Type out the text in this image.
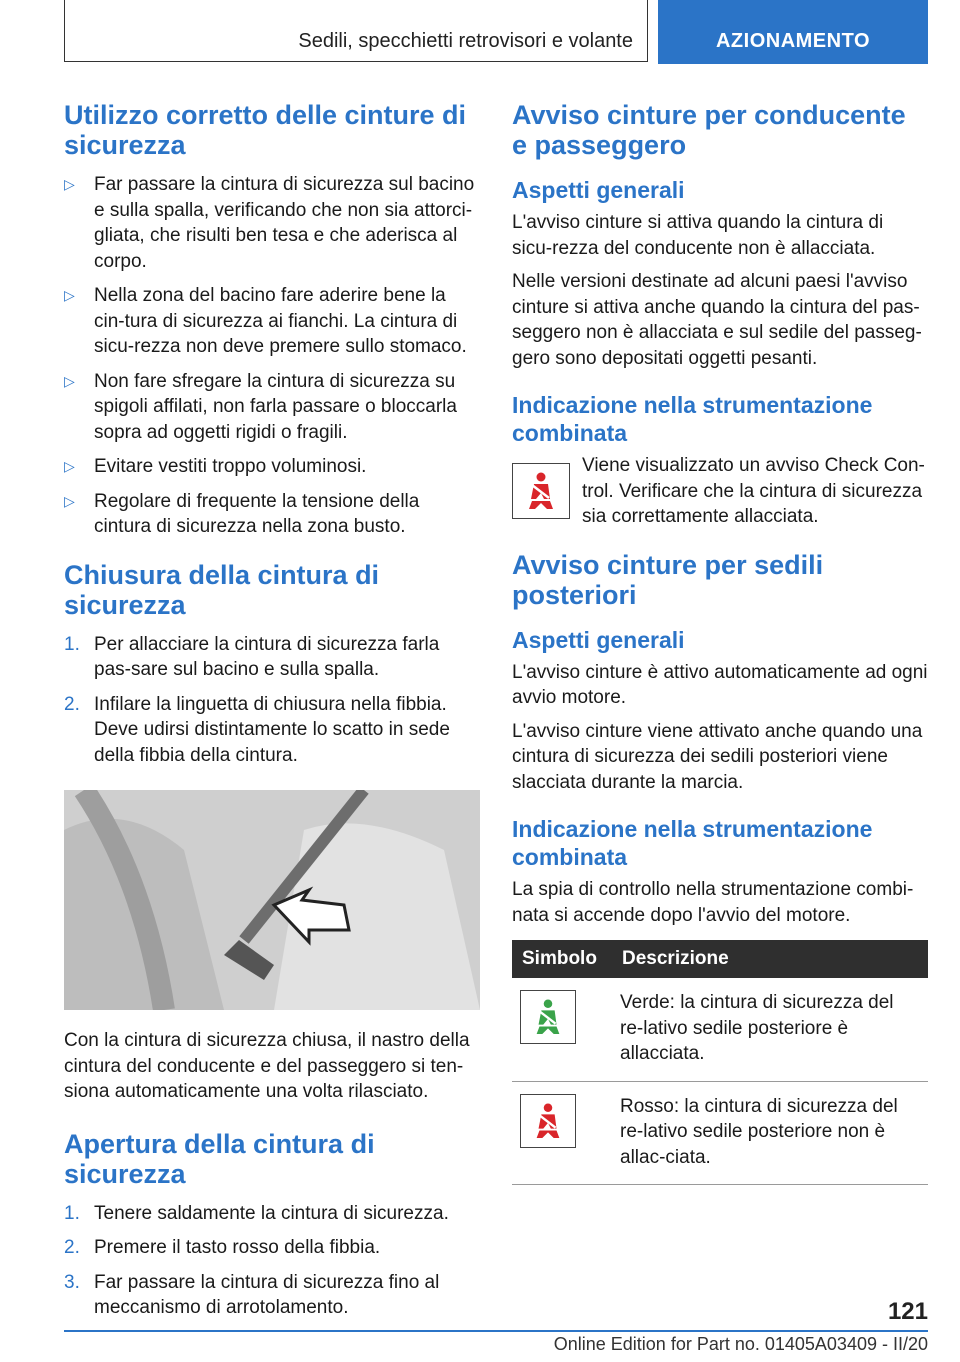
Sedili, specchietti retrovisori e volante	AZIONAMENTO
Utilizzo corretto delle cinture di sicurezza
▷ Far passare la cintura di sicurezza sul bacino e sulla spalla, verificando che non sia attorci-gliata, che risulti ben tesa e che aderisca al corpo.
▷ Nella zona del bacino fare aderire bene la cin-tura di sicurezza ai fianchi. La cintura di sicu-rezza non deve premere sullo stomaco.
▷ Non fare sfregare la cintura di sicurezza su spigoli affilati, non farla passare o bloccarla sopra ad oggetti rigidi o fragili.
▷ Evitare vestiti troppo voluminosi.
▷ Regolare di frequente la tensione della cintura di sicurezza nella zona busto.
Chiusura della cintura di sicurezza
1. Per allacciare la cintura di sicurezza farla pas-sare sul bacino e sulla spalla.
2. Infilare la linguetta di chiusura nella fibbia. Deve udirsi distintamente lo scatto in sede della fibbia della cintura.

Con la cintura di sicurezza chiusa, il nastro della cintura del conducente e del passeggero si ten-siona automaticamente una volta rilasciato.

Apertura della cintura di sicurezza
1. Tenere saldamente la cintura di sicurezza.
2. Premere il tasto rosso della fibbia.
3. Far passare la cintura di sicurezza fino al meccanismo di arrotolamento.
Avviso cinture per conducente e passeggero
Aspetti generali

L'avviso cinture si attiva quando la cintura di sicu-rezza del conducente non è allacciata.

Nelle versioni destinate ad alcuni paesi l'avviso cinture si attiva anche quando la cintura del pas-seggero non è allacciata e sul sedile del passeg-gero sono depositati oggetti pesanti.

Indicazione nella strumentazione combinata
Viene visualizzato un avviso Check Con-trol. Verificare che la cintura di sicurezza sia correttamente allacciata.
Avviso cinture per sedili posteriori
Aspetti generali

L'avviso cinture è attivo automaticamente ad ogni avvio motore.

L'avviso cinture viene attivato anche quando una cintura di sicurezza dei sedili posteriori viene slacciata durante la marcia.

Indicazione nella strumentazione combinata

La spia di controllo nella strumentazione combi-nata si accende dopo l'avvio del motore.

Simbolo	Descrizione

	Verde: la cintura di sicurezza del re-lativo sedile posteriore è allacciata.

	Rosso: la cintura di sicurezza del re-lativo sedile posteriore non è allac-ciata.
121
Online Edition for Part no. 01405A03409 - II/20
